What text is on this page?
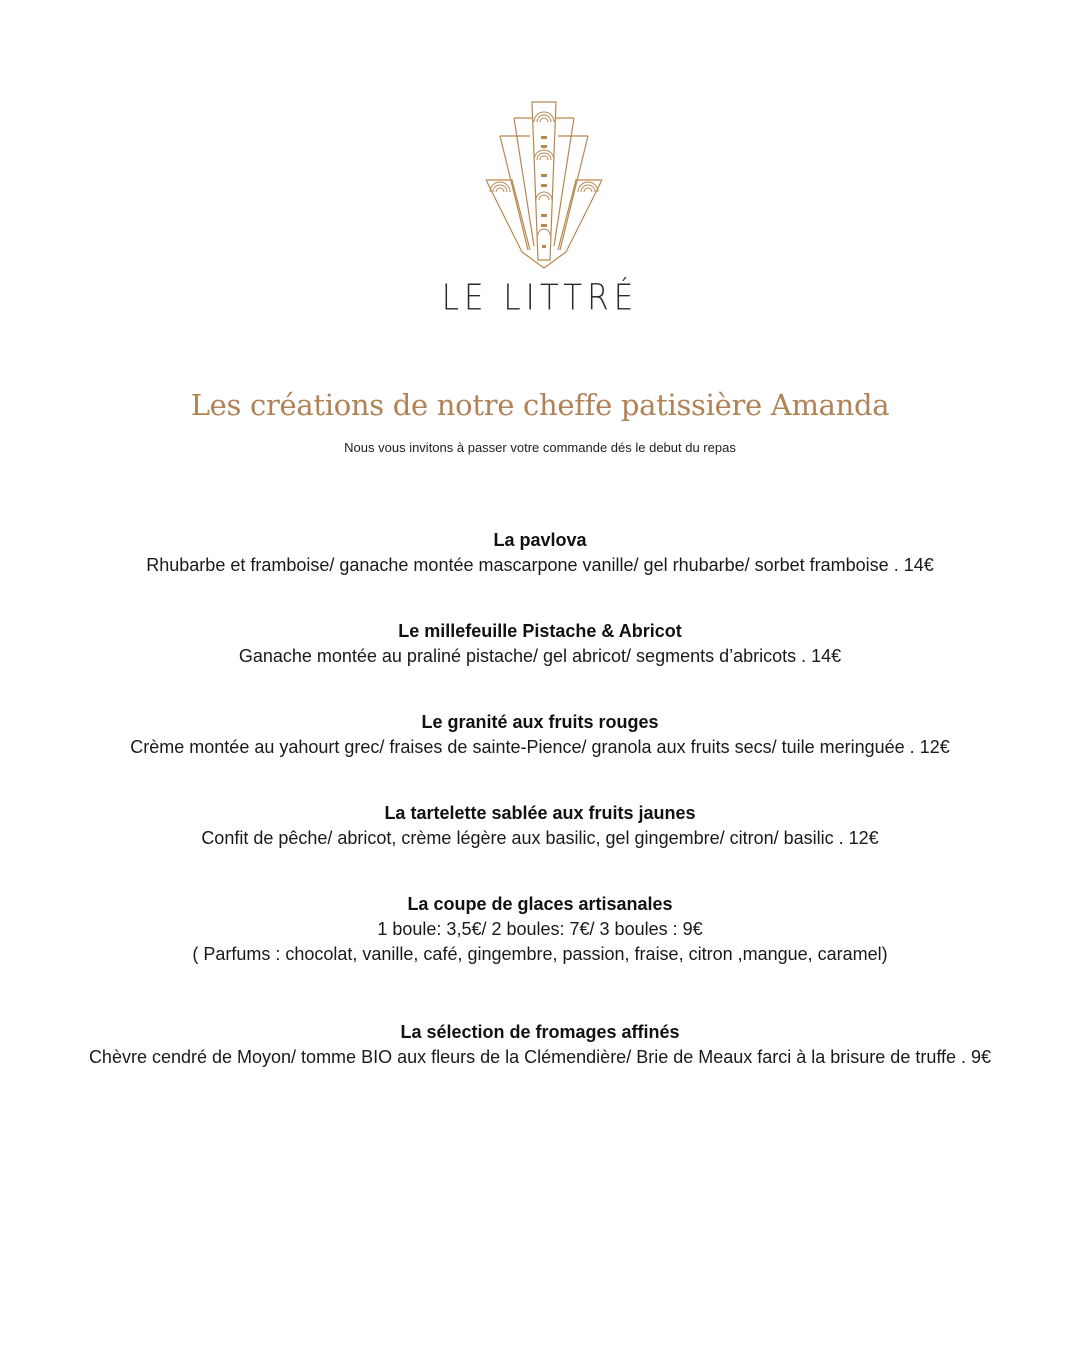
LE LITTRÉ
Les créations de notre cheffe patissière Amanda
Nous vous invitons à passer votre commande dés le debut du repas
La pavlova
Rhubarbe et framboise/ ganache montée mascarpone vanille/ gel rhubarbe/ sorbet framboise . 14€
Le millefeuille Pistache & Abricot
Ganache montée au praliné pistache/ gel abricot/ segments d’abricots . 14€
Le granité aux fruits rouges
Crème montée au yahourt grec/ fraises de sainte-Pience/ granola aux fruits secs/ tuile meringuée . 12€
La tartelette sablée aux fruits jaunes
Confit de pêche/ abricot, crème légère aux basilic, gel gingembre/ citron/ basilic . 12€
La coupe de glaces artisanales
1 boule: 3,5€/ 2 boules: 7€/ 3 boules : 9€
( Parfums : chocolat, vanille, café, gingembre, passion, fraise, citron ,mangue, caramel)
La sélection de fromages affinés
Chèvre cendré de Moyon/ tomme BIO aux fleurs de la Clémendière/ Brie de Meaux farci à la brisure de truffe . 9€
